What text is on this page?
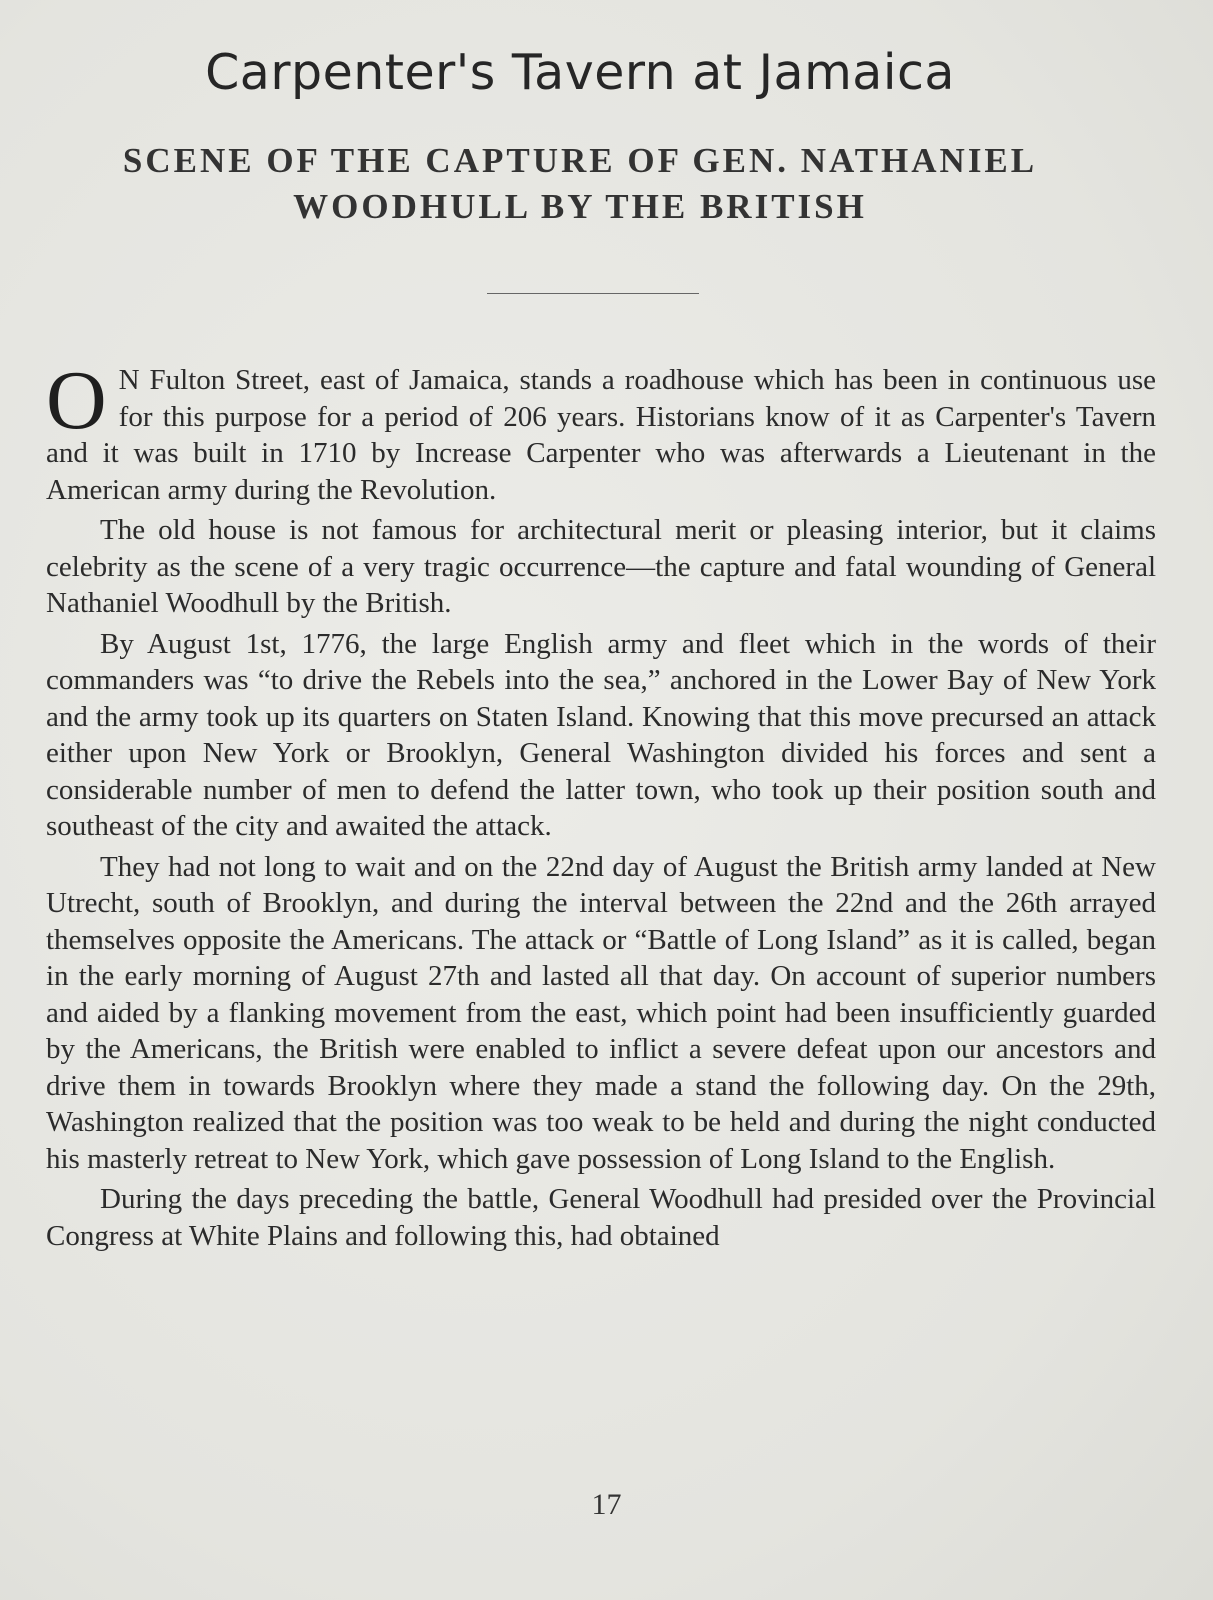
Carpenter's Tavern at Jamaica
SCENE OF THE CAPTURE OF GEN. NATHANIEL WOODHULL BY THE BRITISH

O N Fulton Street, east of Jamaica, stands a roadhouse which has been in continuous use for this purpose for a period of 206 years. Historians know of it as Carpenter's Tavern and it was built in 1710 by Increase Carpenter who was afterwards a Lieutenant in the American army during the Revolution.

The old house is not famous for architectural merit or pleasing interior, but it claims celebrity as the scene of a very tragic occurrence—the capture and fatal wounding of General Nathaniel Woodhull by the British.

By August 1st, 1776, the large English army and fleet which in the words of their commanders was “to drive the Rebels into the sea,” anchored in the Lower Bay of New York and the army took up its quarters on Staten Island. Knowing that this move precursed an attack either upon New York or Brooklyn, General Washington divided his forces and sent a considerable number of men to defend the latter town, who took up their position south and southeast of the city and awaited the attack.

They had not long to wait and on the 22nd day of August the British army landed at New Utrecht, south of Brooklyn, and during the interval between the 22nd and the 26th arrayed themselves opposite the Americans. The attack or “Battle of Long Island” as it is called, began in the early morning of August 27th and lasted all that day. On account of superior numbers and aided by a flanking movement from the east, which point had been insufficiently guarded by the Americans, the British were enabled to inflict a severe defeat upon our ancestors and drive them in towards Brooklyn where they made a stand the following day. On the 29th, Washington realized that the position was too weak to be held and during the night conducted his masterly retreat to New York, which gave possession of Long Island to the English.

During the days preceding the battle, General Woodhull had presided over the Provincial Congress at White Plains and following this, had obtained

17
